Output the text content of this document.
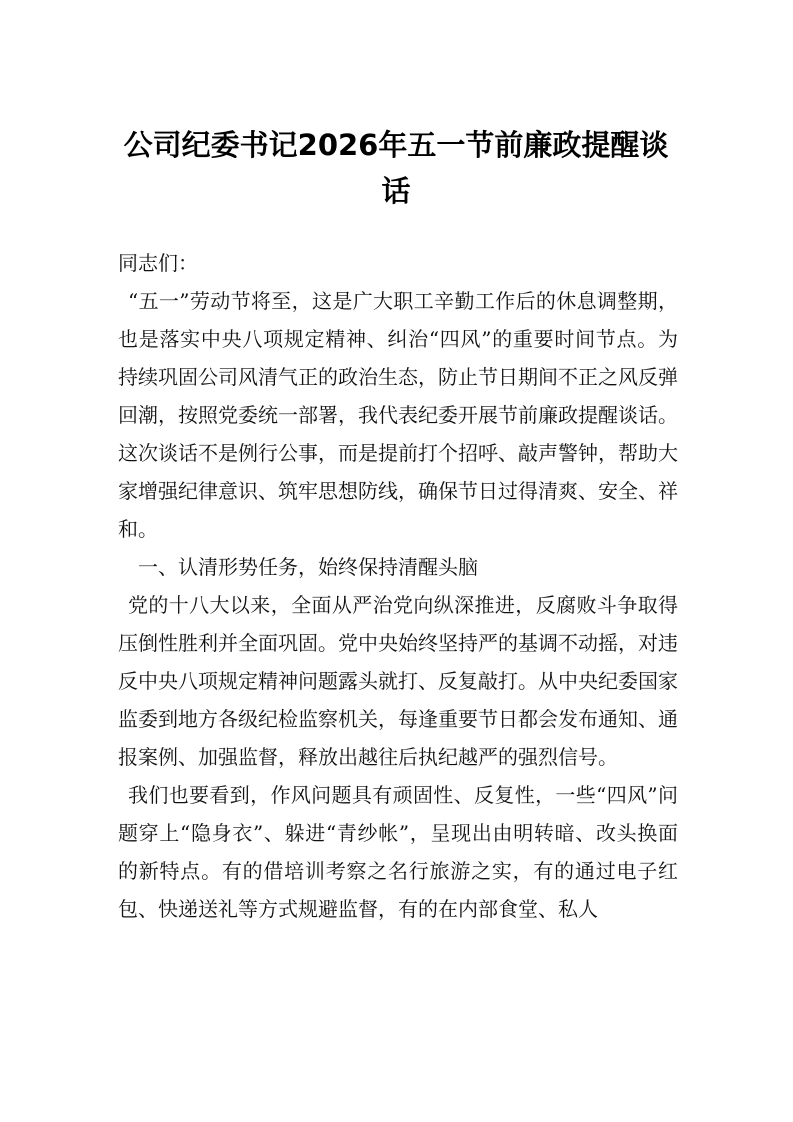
公司纪委书记2026年五一节前廉政提醒谈话

同志们：

“五一”劳动节将至，这是广大职工辛勤工作后的休息调整期，也是落实中央八项规定精神、纠治“四风”的重要时间节点。为持续巩固公司风清气正的政治生态，防止节日期间不正之风反弹回潮，按照党委统一部署，我代表纪委开展节前廉政提醒谈话。这次谈话不是例行公事，而是提前打个招呼、敲声警钟，帮助大家增强纪律意识、筑牢思想防线，确保节日过得清爽、安全、祥和。

一、认清形势任务，始终保持清醒头脑

党的十八大以来，全面从严治党向纵深推进，反腐败斗争取得压倒性胜利并全面巩固。党中央始终坚持严的基调不动摇，对违反中央八项规定精神问题露头就打、反复敲打。从中央纪委国家监委到地方各级纪检监察机关，每逢重要节日都会发布通知、通报案例、加强监督，释放出越往后执纪越严的强烈信号。

我们也要看到，作风问题具有顽固性、反复性，一些“四风”问题穿上“隐身衣”、躲进“青纱帐”，呈现出由明转暗、改头换面的新特点。有的借培训考察之名行旅游之实，有的通过电子红包、快递送礼等方式规避监督，有的在内部食堂、私人
